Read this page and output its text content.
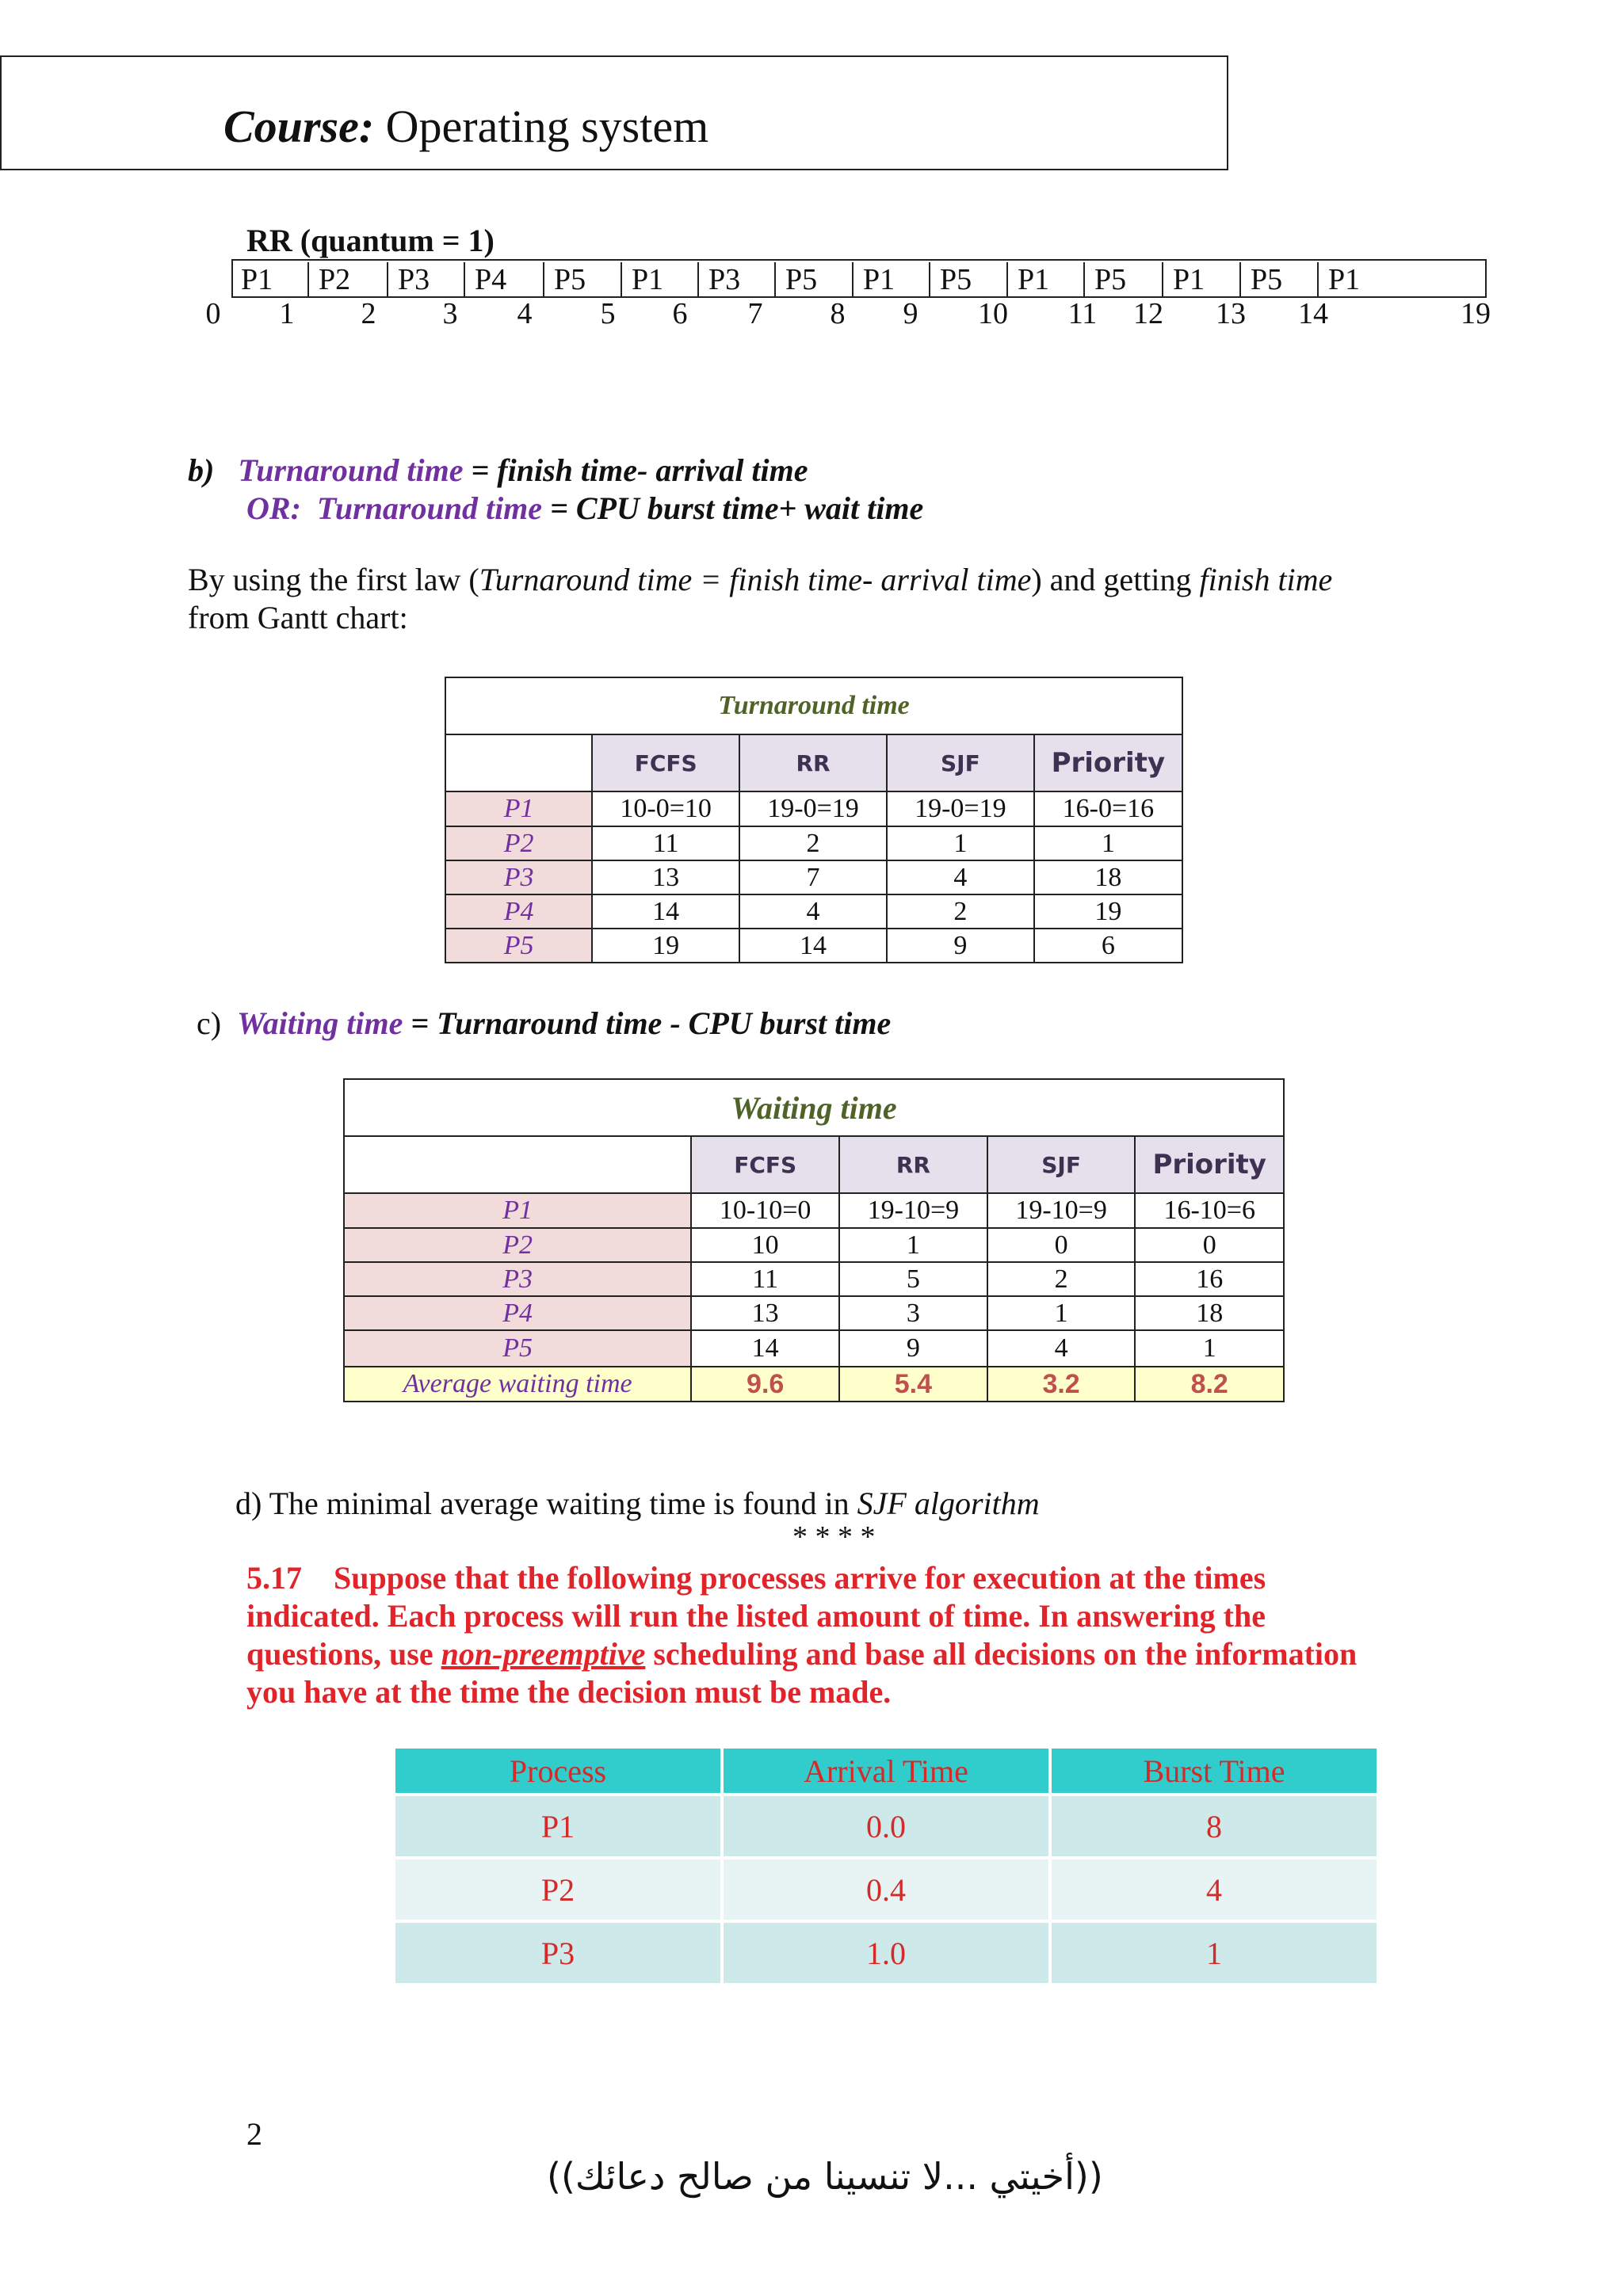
Course: Operating system
RR (quantum = 1)
P1	P2	P3	P4	P5	P1	P3	P5	P1	P5	P1	P5	P1	P5	P1
0	1	2	3	4	5	6	7	8	9	10	11	12 13 14	19
b) Turnaround time = finish time- arrival time
OR: Turnaround time = CPU burst time+ wait time
By using the first law (Turnaround time = finish time- arrival time) and getting finish time
from Gantt chart:
Turnaround time				
	FCFS	RR	SJF	Priority
P1	10-0=10	19-0=19	19-0=19	16-0=16
P2	11	2	1	1
P3	13	7	4	18
P4	14	4	2	19
P5	19	14	9	6
c) Waiting time = Turnaround time - CPU burst time
Waiting time				
	FCFS	RR	SJF	Priority
P1	10-10=0	19-10=9	19-10=9	16-10=6
P2	10	1	0	0
P3	11	5	2	16
P4	13	3	1	18
P5	14	9	4	1
Average waiting time	9.6	5.4	3.2	8.2
d) The minimal average waiting time is found in SJF algorithm
* * * *
5.17 Suppose that the following processes arrive for execution at the times indicated. Each process will run the listed amount of time. In answering the questions, use non-preemptive scheduling and base all decisions on the information you have at the time the decision must be made.
Process	Arrival Time	Burst Time
P1	0.0	8
P2	0.4	4
P3	1.0	1
2
((أخيتي ...لا تنسينا من صالح دعائك))
